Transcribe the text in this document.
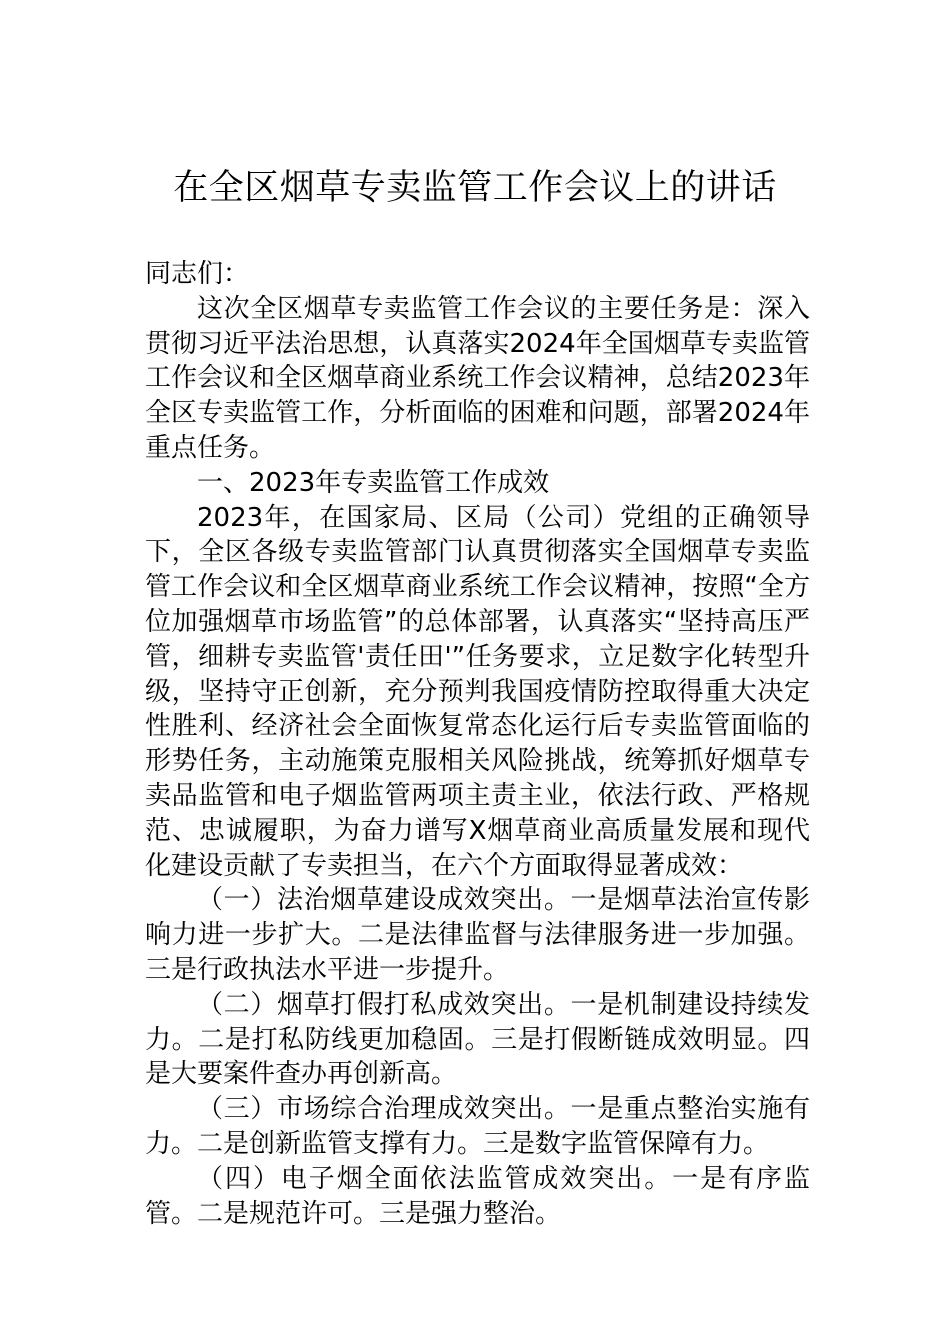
在全区烟草专卖监管工作会议上的讲话

同志们：

这次全区烟草专卖监管工作会议的主要任务是：深入贯彻习近平法治思想，认真落实2024年全国烟草专卖监管工作会议和全区烟草商业系统工作会议精神，总结2023年全区专卖监管工作，分析面临的困难和问题，部署2024年重点任务。

一、2023年专卖监管工作成效

2023年，在国家局、区局（公司）党组的正确领导下，全区各级专卖监管部门认真贯彻落实全国烟草专卖监管工作会议和全区烟草商业系统工作会议精神，按照“全方位加强烟草市场监管”的总体部署，认真落实“坚持高压严管，细耕专卖监管'责任田'”任务要求，立足数字化转型升级，坚持守正创新，充分预判我国疫情防控取得重大决定性胜利、经济社会全面恢复常态化运行后专卖监管面临的形势任务，主动施策克服相关风险挑战，统筹抓好烟草专卖品监管和电子烟监管两项主责主业，依法行政、严格规范、忠诚履职，为奋力谱写X烟草商业高质量发展和现代化建设贡献了专卖担当，在六个方面取得显著成效：

（一）法治烟草建设成效突出。一是烟草法治宣传影响力进一步扩大。二是法律监督与法律服务进一步加强。三是行政执法水平进一步提升。

（二）烟草打假打私成效突出。一是机制建设持续发力。二是打私防线更加稳固。三是打假断链成效明显。四是大要案件查办再创新高。

（三）市场综合治理成效突出。一是重点整治实施有力。二是创新监管支撑有力。三是数字监管保障有力。

（四）电子烟全面依法监管成效突出。一是有序监管。二是规范许可。三是强力整治。
